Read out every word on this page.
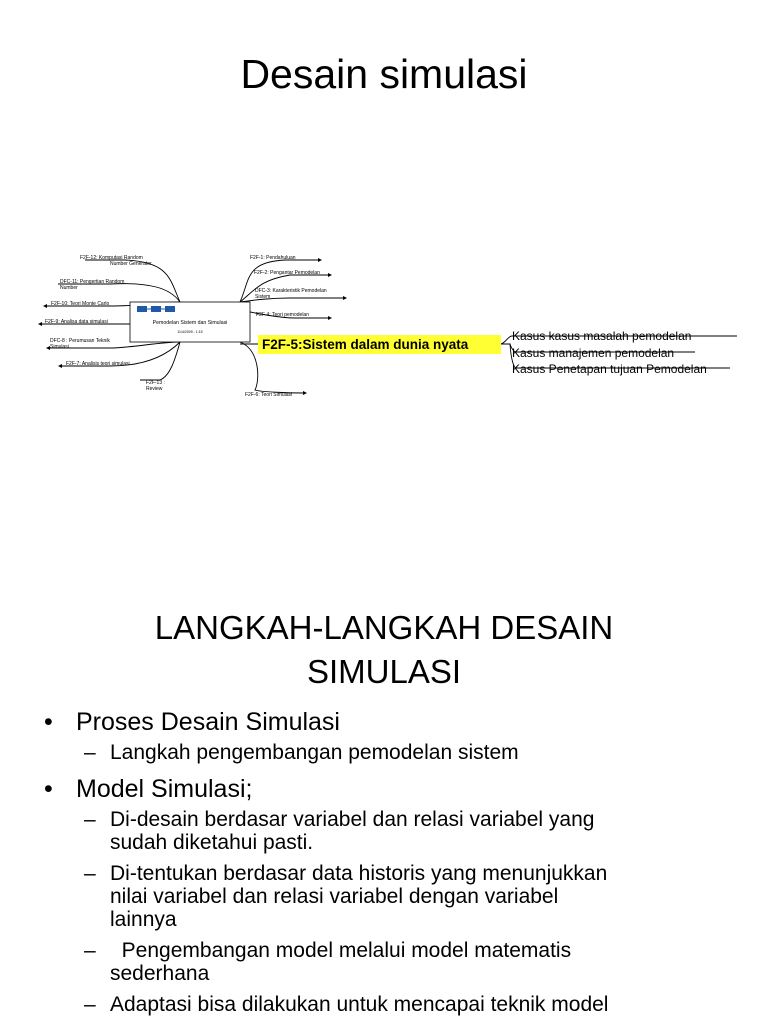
Desain simulasi
Pemodelan Sistem dan Simulasi
11/4/2009 - 1:15
F2F-12: Komputasi Random
Number Generator
DFC-11: Pengertian Random
Number
F2F-10: Teori Monte Carlo
F2F-9: Analisa data simulasi
DFC-8 : Perumusan Teknik
Simulasi
F2F-7: Analisis teori simulasi
F2F-13 :
Review
F2F-1: Pendahuluan
F2F-2: Pengantar Pemodelan
DFC-3: Karakteristik Pemodelan
Sistem
F2F-4: Teori pemodelan
F2F-6: Teori Simulasi
F2F-5:Sistem dalam dunia nyata
Kasus kasus masalah pemodelan
Kasus manajemen pemodelan
Kasus Penetapan tujuan Pemodelan
LANGKAH-LANGKAH DESAIN
SIMULASI
• Proses Desain Simulasi
– Langkah pengembangan pemodelan sistem
• Model Simulasi;
– Di-desain berdasar variabel dan relasi variabel yang
sudah diketahui pasti.
– Di-tentukan berdasar data historis yang menunjukkan
nilai variabel dan relasi variabel dengan variabel
lainnya
– Pengembangan model melalui model matematis
sederhana
– Adaptasi bisa dilakukan untuk mencapai teknik model
